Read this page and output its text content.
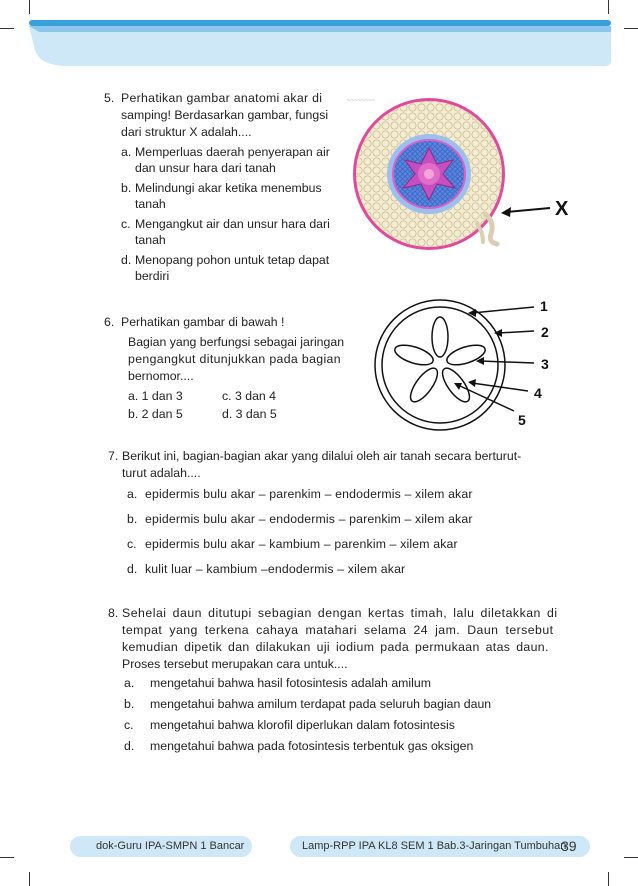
5. Perhatikan gambar anatomi akar di
samping! Berdasarkan gambar, fungsi
dari struktur X adalah....
a. Memperluas daerah penyerapan air
dan unsur hara dari tanah
b. Melindungi akar ketika menembus
tanah
c. Mengangkut air dan unsur hara dari
tanah
d. Menopang pohon untuk tetap dapat
berdiri
~~~~~~~~
X
6. Perhatikan gambar di bawah !
Bagian yang berfungsi sebagai jaringan
pengangkut ditunjukkan pada bagian
bernomor....
a. 1 dan 3	c. 3 dan 4
b. 2 dan 5	d. 3 dan 5
1
2
3
4
5
7. Berikut ini, bagian-bagian akar yang dilalui oleh air tanah secara berturut-
turut adalah....
a. epidermis bulu akar – parenkim – endodermis – xilem akar
b. epidermis bulu akar – endodermis – parenkim – xilem akar
c. epidermis bulu akar – kambium – parenkim – xilem akar
d. kulit luar – kambium –endodermis – xilem akar
8. Sehelai daun ditutupi sebagian dengan kertas timah, lalu diletakkan di
tempat yang terkena cahaya matahari selama 24 jam. Daun tersebut
kemudian dipetik dan dilakukan uji iodium pada permukaan atas daun.
Proses tersebut merupakan cara untuk....
a. mengetahui bahwa hasil fotosintesis adalah amilum
b. mengetahui bahwa amilum terdapat pada seluruh bagian daun
c. mengetahui bahwa klorofil diperlukan dalam fotosintesis
d. mengetahui bahwa pada fotosintesis terbentuk gas oksigen
dok-Guru IPA-SMPN 1 Bancar	Lamp-RPP IPA KL8 SEM 1 Bab.3-Jaringan Tumbuhan
39
